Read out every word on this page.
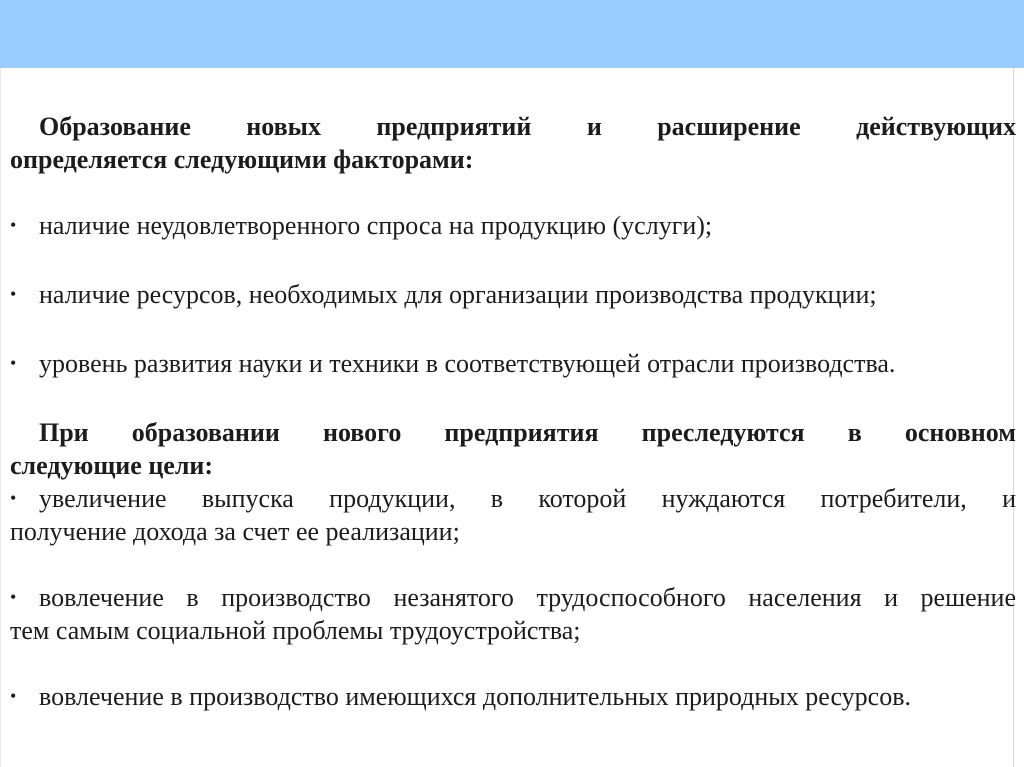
Образование новых предприятий и расширение действующих
определяется следующими факторами:
• наличие неудовлетворенного спроса на продукцию (услуги);
• наличие ресурсов, необходимых для организации производства продукции;
• уровень развития науки и техники в соответствующей отрасли производства.
При образовании нового предприятия преследуются в основном
следующие цели:
• увеличение выпуска продукции, в которой нуждаются потребители, и
получение дохода за счет ее реализации;
• вовлечение в производство незанятого трудоспособного населения и решение
тем самым социальной проблемы трудоустройства;
• вовлечение в производство имеющихся дополнительных природных ресурсов.
